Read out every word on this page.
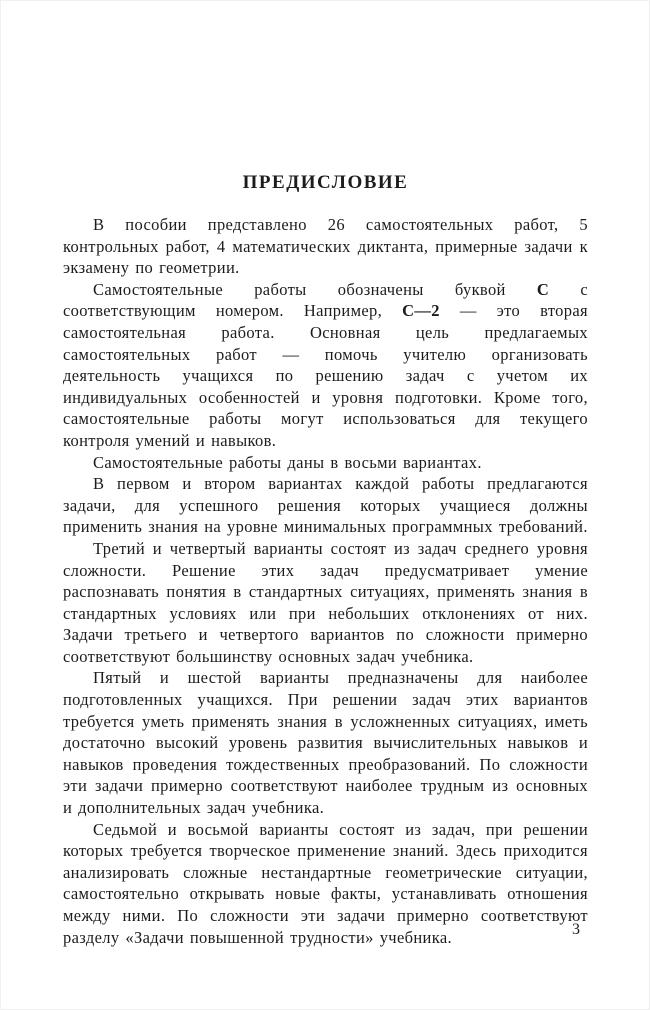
ПРЕДИСЛОВИЕ

В пособии представлено 26 самостоятельных работ, 5 контрольных работ, 4 математических диктанта, примерные задачи к экзамену по геометрии.

Самостоятельные работы обозначены буквой С с соответствующим номером. Например, С—2 — это вторая самостоятельная работа. Основная цель предлагаемых самостоятельных работ — помочь учителю организовать деятельность учащихся по решению задач с учетом их индивидуальных особенностей и уровня подготовки. Кроме того, самостоятельные работы могут использоваться для текущего контроля умений и навыков.

Самостоятельные работы даны в восьми вариантах.

В первом и втором вариантах каждой работы предлагаются задачи, для успешного решения которых учащиеся должны применить знания на уровне минимальных программных требований.

Третий и четвертый варианты состоят из задач среднего уровня сложности. Решение этих задач предусматривает умение распознавать понятия в стандартных ситуациях, применять знания в стандартных условиях или при небольших отклонениях от них. Задачи третьего и четвертого вариантов по сложности примерно соответствуют большинству основных задач учебника.

Пятый и шестой варианты предназначены для наиболее подготовленных учащихся. При решении задач этих вариантов требуется уметь применять знания в усложненных ситуациях, иметь достаточно высокий уровень развития вычислительных навыков и навыков проведения тождественных преобразований. По сложности эти задачи примерно соответствуют наиболее трудным из основных и дополнительных задач учебника.

Седьмой и восьмой варианты состоят из задач, при решении которых требуется творческое применение знаний. Здесь приходится анализировать сложные нестандартные геометрические ситуации, самостоятельно открывать новые факты, устанавливать отношения между ними. По сложности эти задачи примерно соответствуют разделу «Задачи повышенной трудности» учебника.	3
